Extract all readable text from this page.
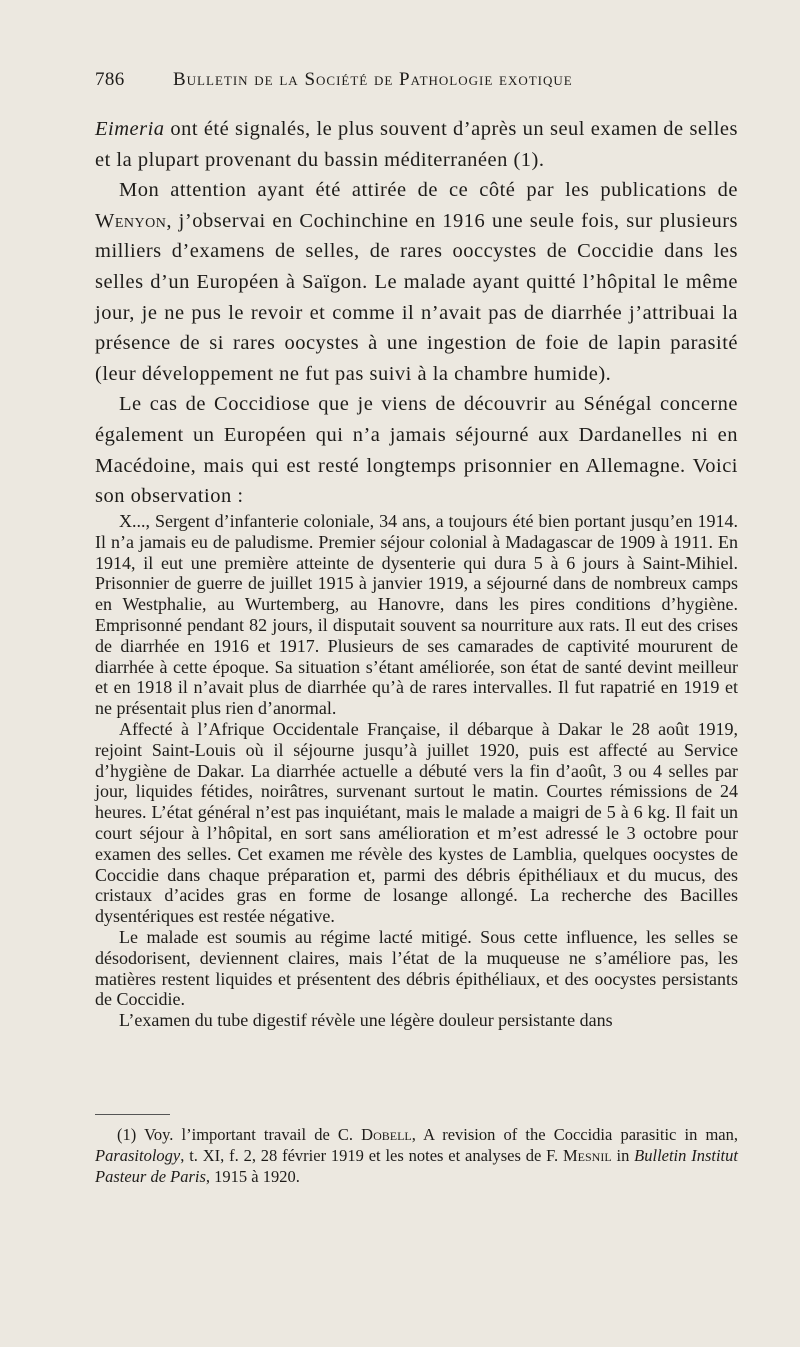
786	Bulletin de la Société de Pathologie exotique

Eimeria ont été signalés, le plus souvent d’après un seul examen de selles et la plupart provenant du bassin méditerranéen (1).

Mon attention ayant été attirée de ce côté par les publications de Wenyon, j’observai en Cochinchine en 1916 une seule fois, sur plusieurs milliers d’examens de selles, de rares ooccystes de Coccidie dans les selles d’un Européen à Saïgon. Le malade ayant quitté l’hôpital le même jour, je ne pus le revoir et comme il n’avait pas de diarrhée j’attribuai la présence de si rares oocystes à une ingestion de foie de lapin parasité (leur développement ne fut pas suivi à la chambre humide).

Le cas de Coccidiose que je viens de découvrir au Sénégal concerne également un Européen qui n’a jamais séjourné aux Dardanelles ni en Macédoine, mais qui est resté longtemps prisonnier en Allemagne. Voici son observation :

X..., Sergent d’infanterie coloniale, 34 ans, a toujours été bien portant jusqu’en 1914. Il n’a jamais eu de paludisme. Premier séjour colonial à Madagascar de 1909 à 1911. En 1914, il eut une première atteinte de dysenterie qui dura 5 à 6 jours à Saint-Mihiel. Prisonnier de guerre de juillet 1915 à janvier 1919, a séjourné dans de nombreux camps en Westphalie, au Wurtemberg, au Hanovre, dans les pires conditions d’hygiène. Emprisonné pendant 82 jours, il disputait souvent sa nourriture aux rats. Il eut des crises de diarrhée en 1916 et 1917. Plusieurs de ses camarades de captivité moururent de diarrhée à cette époque. Sa situation s’étant améliorée, son état de santé devint meilleur et en 1918 il n’avait plus de diarrhée qu’à de rares intervalles. Il fut rapatrié en 1919 et ne présentait plus rien d’anormal.

Affecté à l’Afrique Occidentale Française, il débarque à Dakar le 28 août 1919, rejoint Saint-Louis où il séjourne jusqu’à juillet 1920, puis est affecté au Service d’hygiène de Dakar. La diarrhée actuelle a débuté vers la fin d’août, 3 ou 4 selles par jour, liquides fétides, noirâtres, survenant surtout le matin. Courtes rémissions de 24 heures. L’état général n’est pas inquiétant, mais le malade a maigri de 5 à 6 kg. Il fait un court séjour à l’hôpital, en sort sans amélioration et m’est adressé le 3 octobre pour examen des selles. Cet examen me révèle des kystes de Lamblia, quelques oocystes de Coccidie dans chaque préparation et, parmi des débris épithéliaux et du mucus, des cristaux d’acides gras en forme de losange allongé. La recherche des Bacilles dysentériques est restée négative.

Le malade est soumis au régime lacté mitigé. Sous cette influence, les selles se désodorisent, deviennent claires, mais l’état de la muqueuse ne s’améliore pas, les matières restent liquides et présentent des débris épithéliaux, et des oocystes persistants de Coccidie.

L’examen du tube digestif révèle une légère douleur persistante dans

(1) Voy. l’important travail de C. Dobell, A revision of the Coccidia parasitic in man, Parasitology, t. XI, f. 2, 28 février 1919 et les notes et analyses de F. Mesnil in Bulletin Institut Pasteur de Paris, 1915 à 1920.
